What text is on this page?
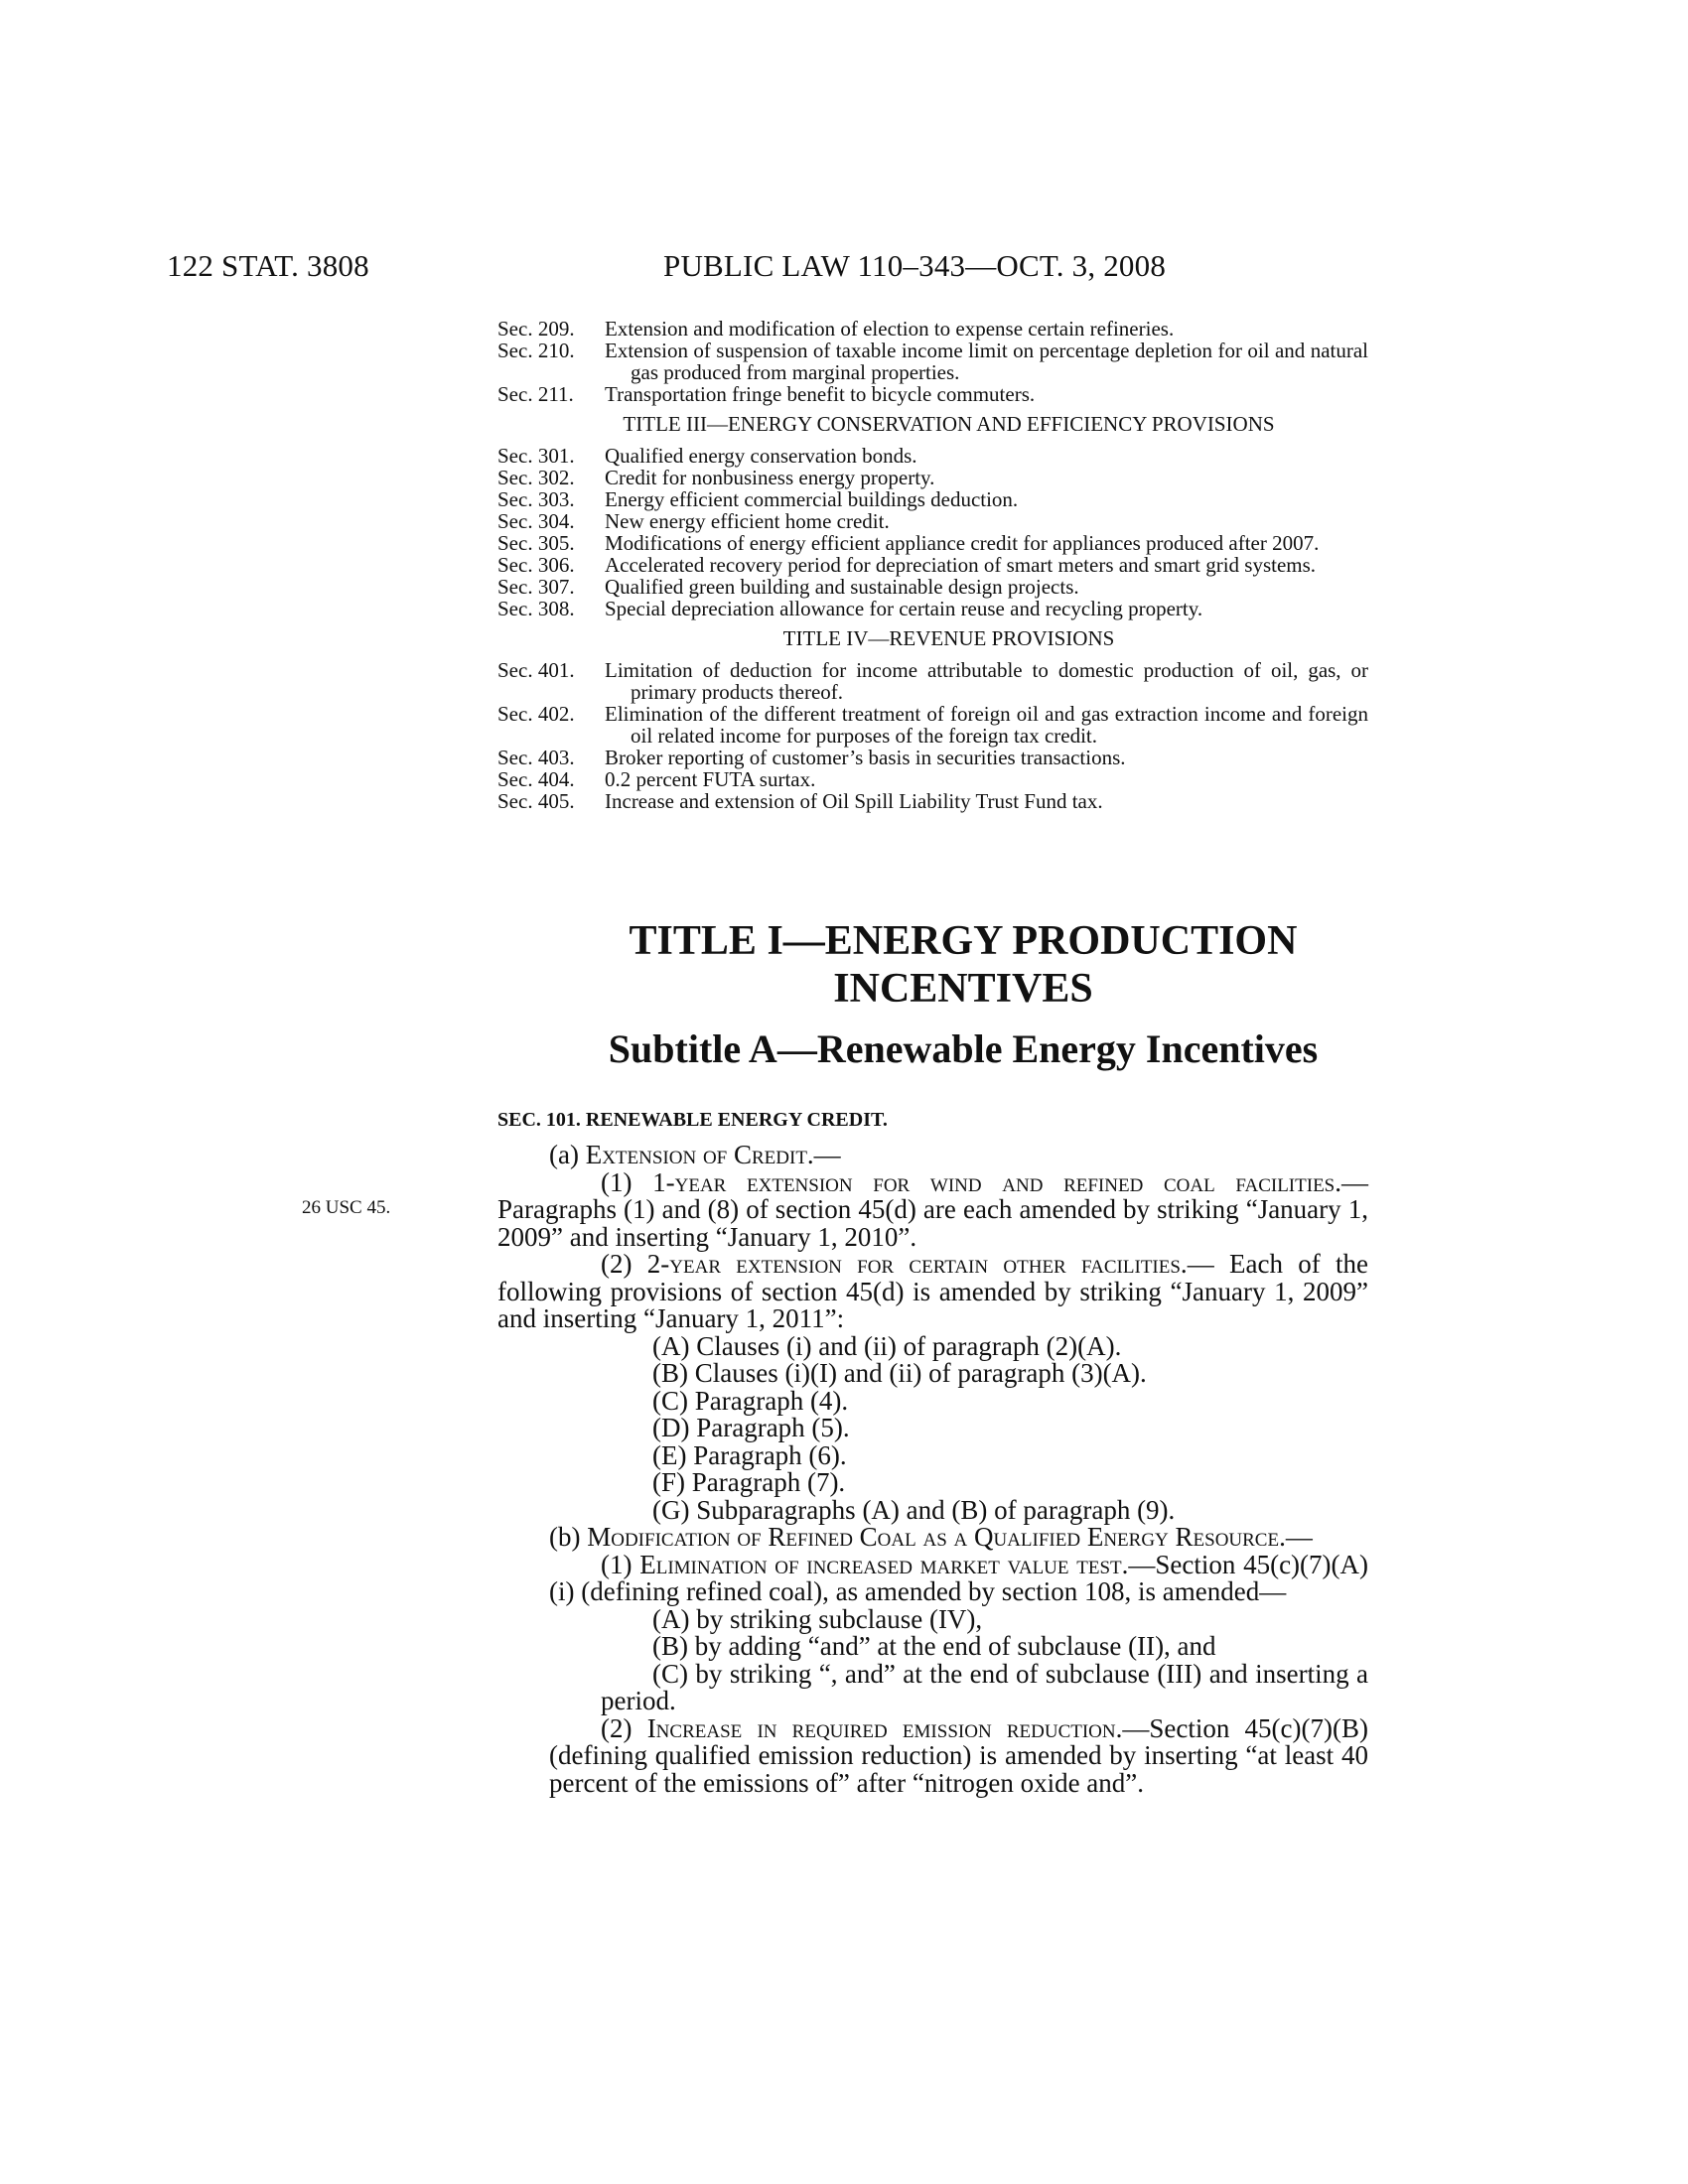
122 STAT. 3808	PUBLIC LAW 110–343—OCT. 3, 2008
Sec. 209.	Extension and modification of election to expense certain refineries.
Sec. 210.	Extension of suspension of taxable income limit on percentage depletion for oil and natural gas produced from marginal properties.
Sec. 211.	Transportation fringe benefit to bicycle commuters.
TITLE III—ENERGY CONSERVATION AND EFFICIENCY PROVISIONS
Sec. 301.	Qualified energy conservation bonds.
Sec. 302.	Credit for nonbusiness energy property.
Sec. 303.	Energy efficient commercial buildings deduction.
Sec. 304.	New energy efficient home credit.
Sec. 305.	Modifications of energy efficient appliance credit for appliances produced after 2007.
Sec. 306.	Accelerated recovery period for depreciation of smart meters and smart grid systems.
Sec. 307.	Qualified green building and sustainable design projects.
Sec. 308.	Special depreciation allowance for certain reuse and recycling property.
TITLE IV—REVENUE PROVISIONS
Sec. 401.	Limitation of deduction for income attributable to domestic production of oil, gas, or primary products thereof.
Sec. 402.	Elimination of the different treatment of foreign oil and gas extraction income and foreign oil related income for purposes of the foreign tax credit.
Sec. 403.	Broker reporting of customer’s basis in securities transactions.
Sec. 404.	0.2 percent FUTA surtax.
Sec. 405.	Increase and extension of Oil Spill Liability Trust Fund tax.
TITLE I—ENERGY PRODUCTION
INCENTIVES
Subtitle A—Renewable Energy Incentives
SEC. 101. RENEWABLE ENERGY CREDIT.
26 USC 45.

(a) Extension of Credit.—

(1) 1-year extension for wind and refined coal facilities.—Paragraphs (1) and (8) of section 45(d) are each amended by striking “January 1, 2009” and inserting “January 1, 2010”.

(2) 2-year extension for certain other facilities.— Each of the following provisions of section 45(d) is amended by striking “January 1, 2009” and inserting “January 1, 2011”:

(A) Clauses (i) and (ii) of paragraph (2)(A).

(B) Clauses (i)(I) and (ii) of paragraph (3)(A).

(C) Paragraph (4).

(D) Paragraph (5).

(E) Paragraph (6).

(F) Paragraph (7).

(G) Subparagraphs (A) and (B) of paragraph (9).

(b) Modification of Refined Coal as a Qualified Energy Resource.—

(1) Elimination of increased market value test.—Section 45(c)(7)(A)(i) (defining refined coal), as amended by section 108, is amended—

(A) by striking subclause (IV),

(B) by adding “and” at the end of subclause (II), and

(C) by striking “, and” at the end of subclause (III) and inserting a period.

(2) Increase in required emission reduction.—Section 45(c)(7)(B) (defining qualified emission reduction) is amended by inserting “at least 40 percent of the emissions of” after “nitrogen oxide and”.
